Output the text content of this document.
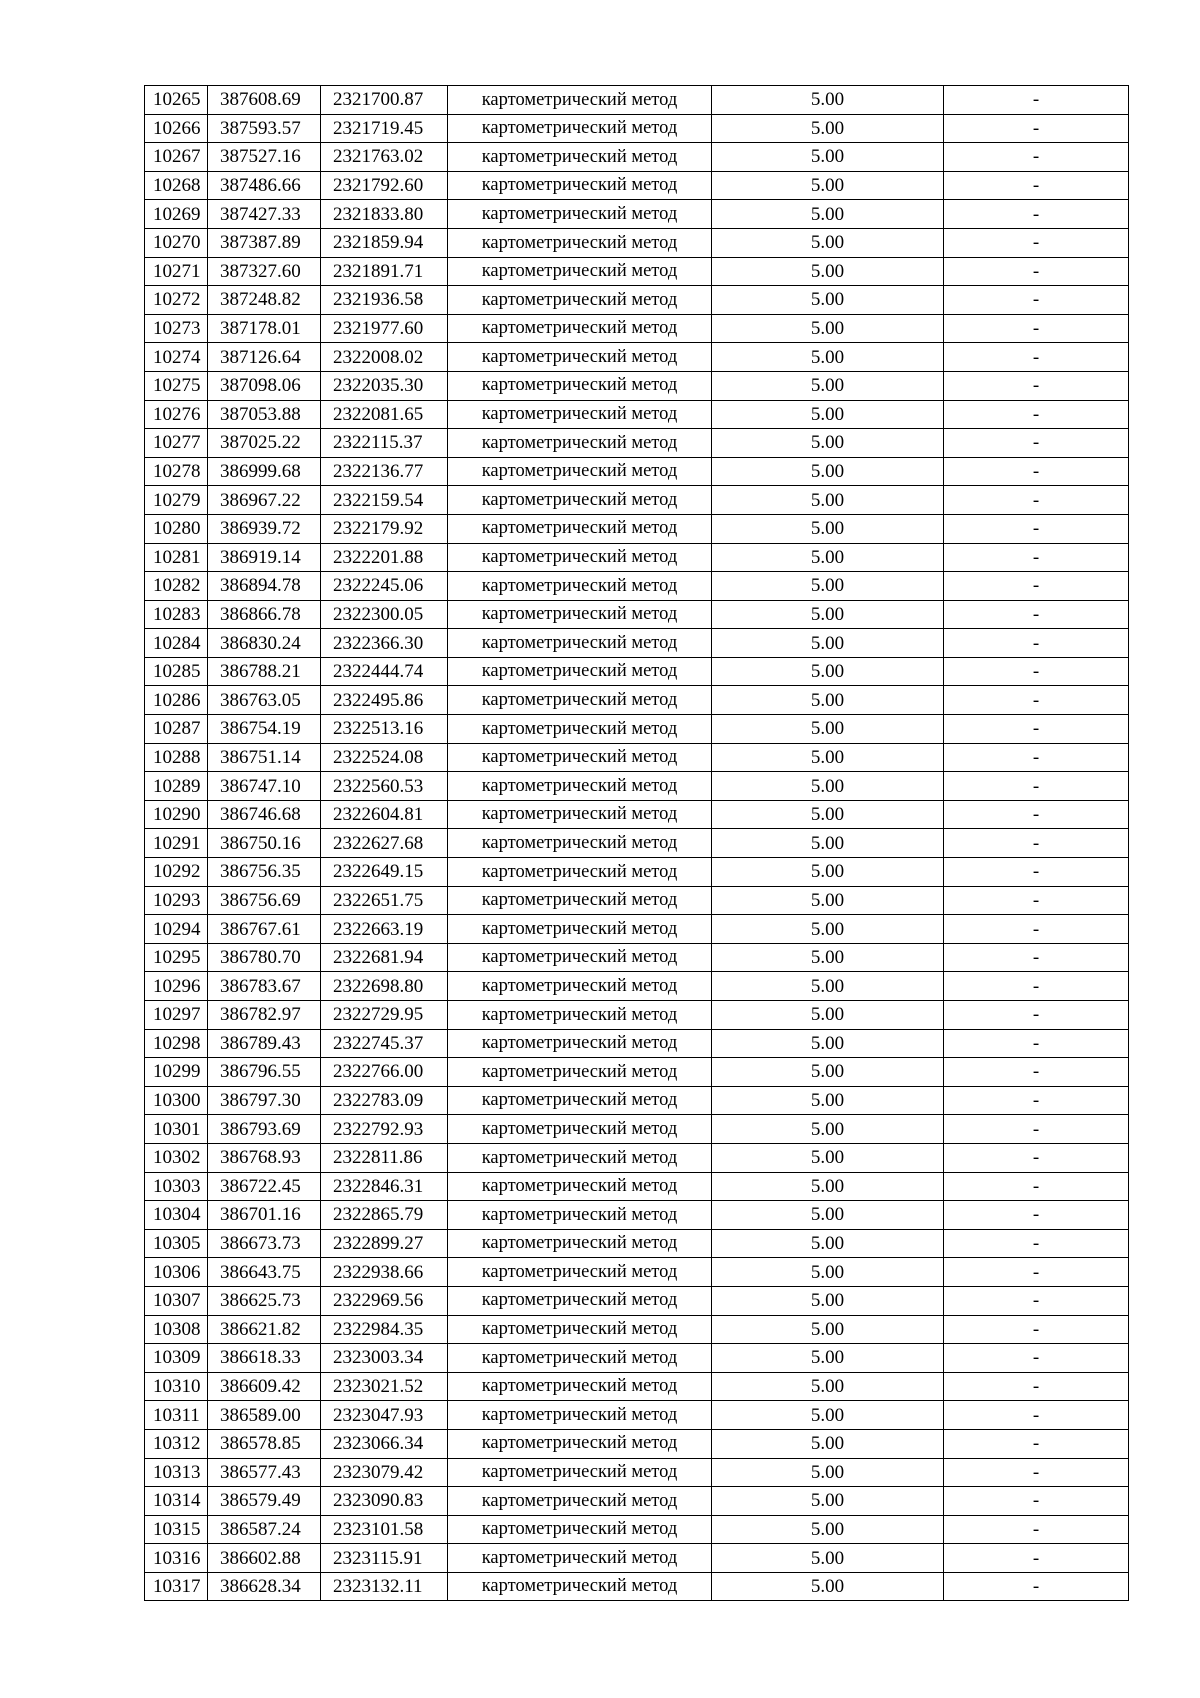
10265	387608.69	2321700.87	картометрический метод	5.00	-
10266	387593.57	2321719.45	картометрический метод	5.00	-
10267	387527.16	2321763.02	картометрический метод	5.00	-
10268	387486.66	2321792.60	картометрический метод	5.00	-
10269	387427.33	2321833.80	картометрический метод	5.00	-
10270	387387.89	2321859.94	картометрический метод	5.00	-
10271	387327.60	2321891.71	картометрический метод	5.00	-
10272	387248.82	2321936.58	картометрический метод	5.00	-
10273	387178.01	2321977.60	картометрический метод	5.00	-
10274	387126.64	2322008.02	картометрический метод	5.00	-
10275	387098.06	2322035.30	картометрический метод	5.00	-
10276	387053.88	2322081.65	картометрический метод	5.00	-
10277	387025.22	2322115.37	картометрический метод	5.00	-
10278	386999.68	2322136.77	картометрический метод	5.00	-
10279	386967.22	2322159.54	картометрический метод	5.00	-
10280	386939.72	2322179.92	картометрический метод	5.00	-
10281	386919.14	2322201.88	картометрический метод	5.00	-
10282	386894.78	2322245.06	картометрический метод	5.00	-
10283	386866.78	2322300.05	картометрический метод	5.00	-
10284	386830.24	2322366.30	картометрический метод	5.00	-
10285	386788.21	2322444.74	картометрический метод	5.00	-
10286	386763.05	2322495.86	картометрический метод	5.00	-
10287	386754.19	2322513.16	картометрический метод	5.00	-
10288	386751.14	2322524.08	картометрический метод	5.00	-
10289	386747.10	2322560.53	картометрический метод	5.00	-
10290	386746.68	2322604.81	картометрический метод	5.00	-
10291	386750.16	2322627.68	картометрический метод	5.00	-
10292	386756.35	2322649.15	картометрический метод	5.00	-
10293	386756.69	2322651.75	картометрический метод	5.00	-
10294	386767.61	2322663.19	картометрический метод	5.00	-
10295	386780.70	2322681.94	картометрический метод	5.00	-
10296	386783.67	2322698.80	картометрический метод	5.00	-
10297	386782.97	2322729.95	картометрический метод	5.00	-
10298	386789.43	2322745.37	картометрический метод	5.00	-
10299	386796.55	2322766.00	картометрический метод	5.00	-
10300	386797.30	2322783.09	картометрический метод	5.00	-
10301	386793.69	2322792.93	картометрический метод	5.00	-
10302	386768.93	2322811.86	картометрический метод	5.00	-
10303	386722.45	2322846.31	картометрический метод	5.00	-
10304	386701.16	2322865.79	картометрический метод	5.00	-
10305	386673.73	2322899.27	картометрический метод	5.00	-
10306	386643.75	2322938.66	картометрический метод	5.00	-
10307	386625.73	2322969.56	картометрический метод	5.00	-
10308	386621.82	2322984.35	картометрический метод	5.00	-
10309	386618.33	2323003.34	картометрический метод	5.00	-
10310	386609.42	2323021.52	картометрический метод	5.00	-
10311	386589.00	2323047.93	картометрический метод	5.00	-
10312	386578.85	2323066.34	картометрический метод	5.00	-
10313	386577.43	2323079.42	картометрический метод	5.00	-
10314	386579.49	2323090.83	картометрический метод	5.00	-
10315	386587.24	2323101.58	картометрический метод	5.00	-
10316	386602.88	2323115.91	картометрический метод	5.00	-
10317	386628.34	2323132.11	картометрический метод	5.00	-
